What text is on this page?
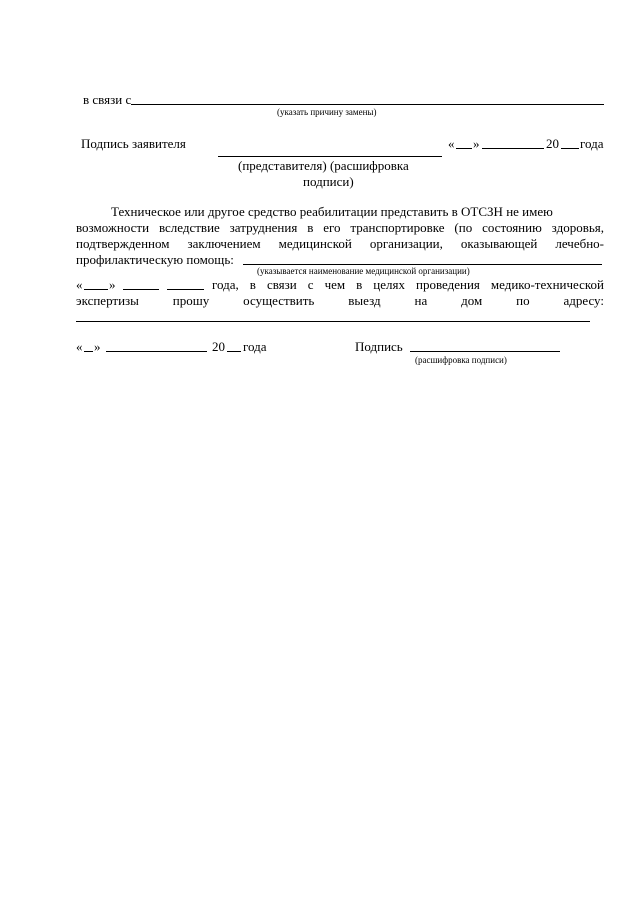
в связи с
(указать причину замены)
Подпись заявителя	« »	20 года
(представителя) (расшифровка
подписи)
Техническое или другое средство реабилитации представить в ОТСЗН не имею
возможности вследствие затруднения в его транспортировке (по состоянию здоровья,
подтвержденном заключением медицинской организации, оказывающей лечебно-
профилактическую помощь:
(указывается наименование медицинской организации)
« »	года, в связи с чем в целях проведения медико-технической
экспертизы прошу осуществить выезд на дом по адресу:
« »	20 года	Подпись
(расшифровка подписи)
